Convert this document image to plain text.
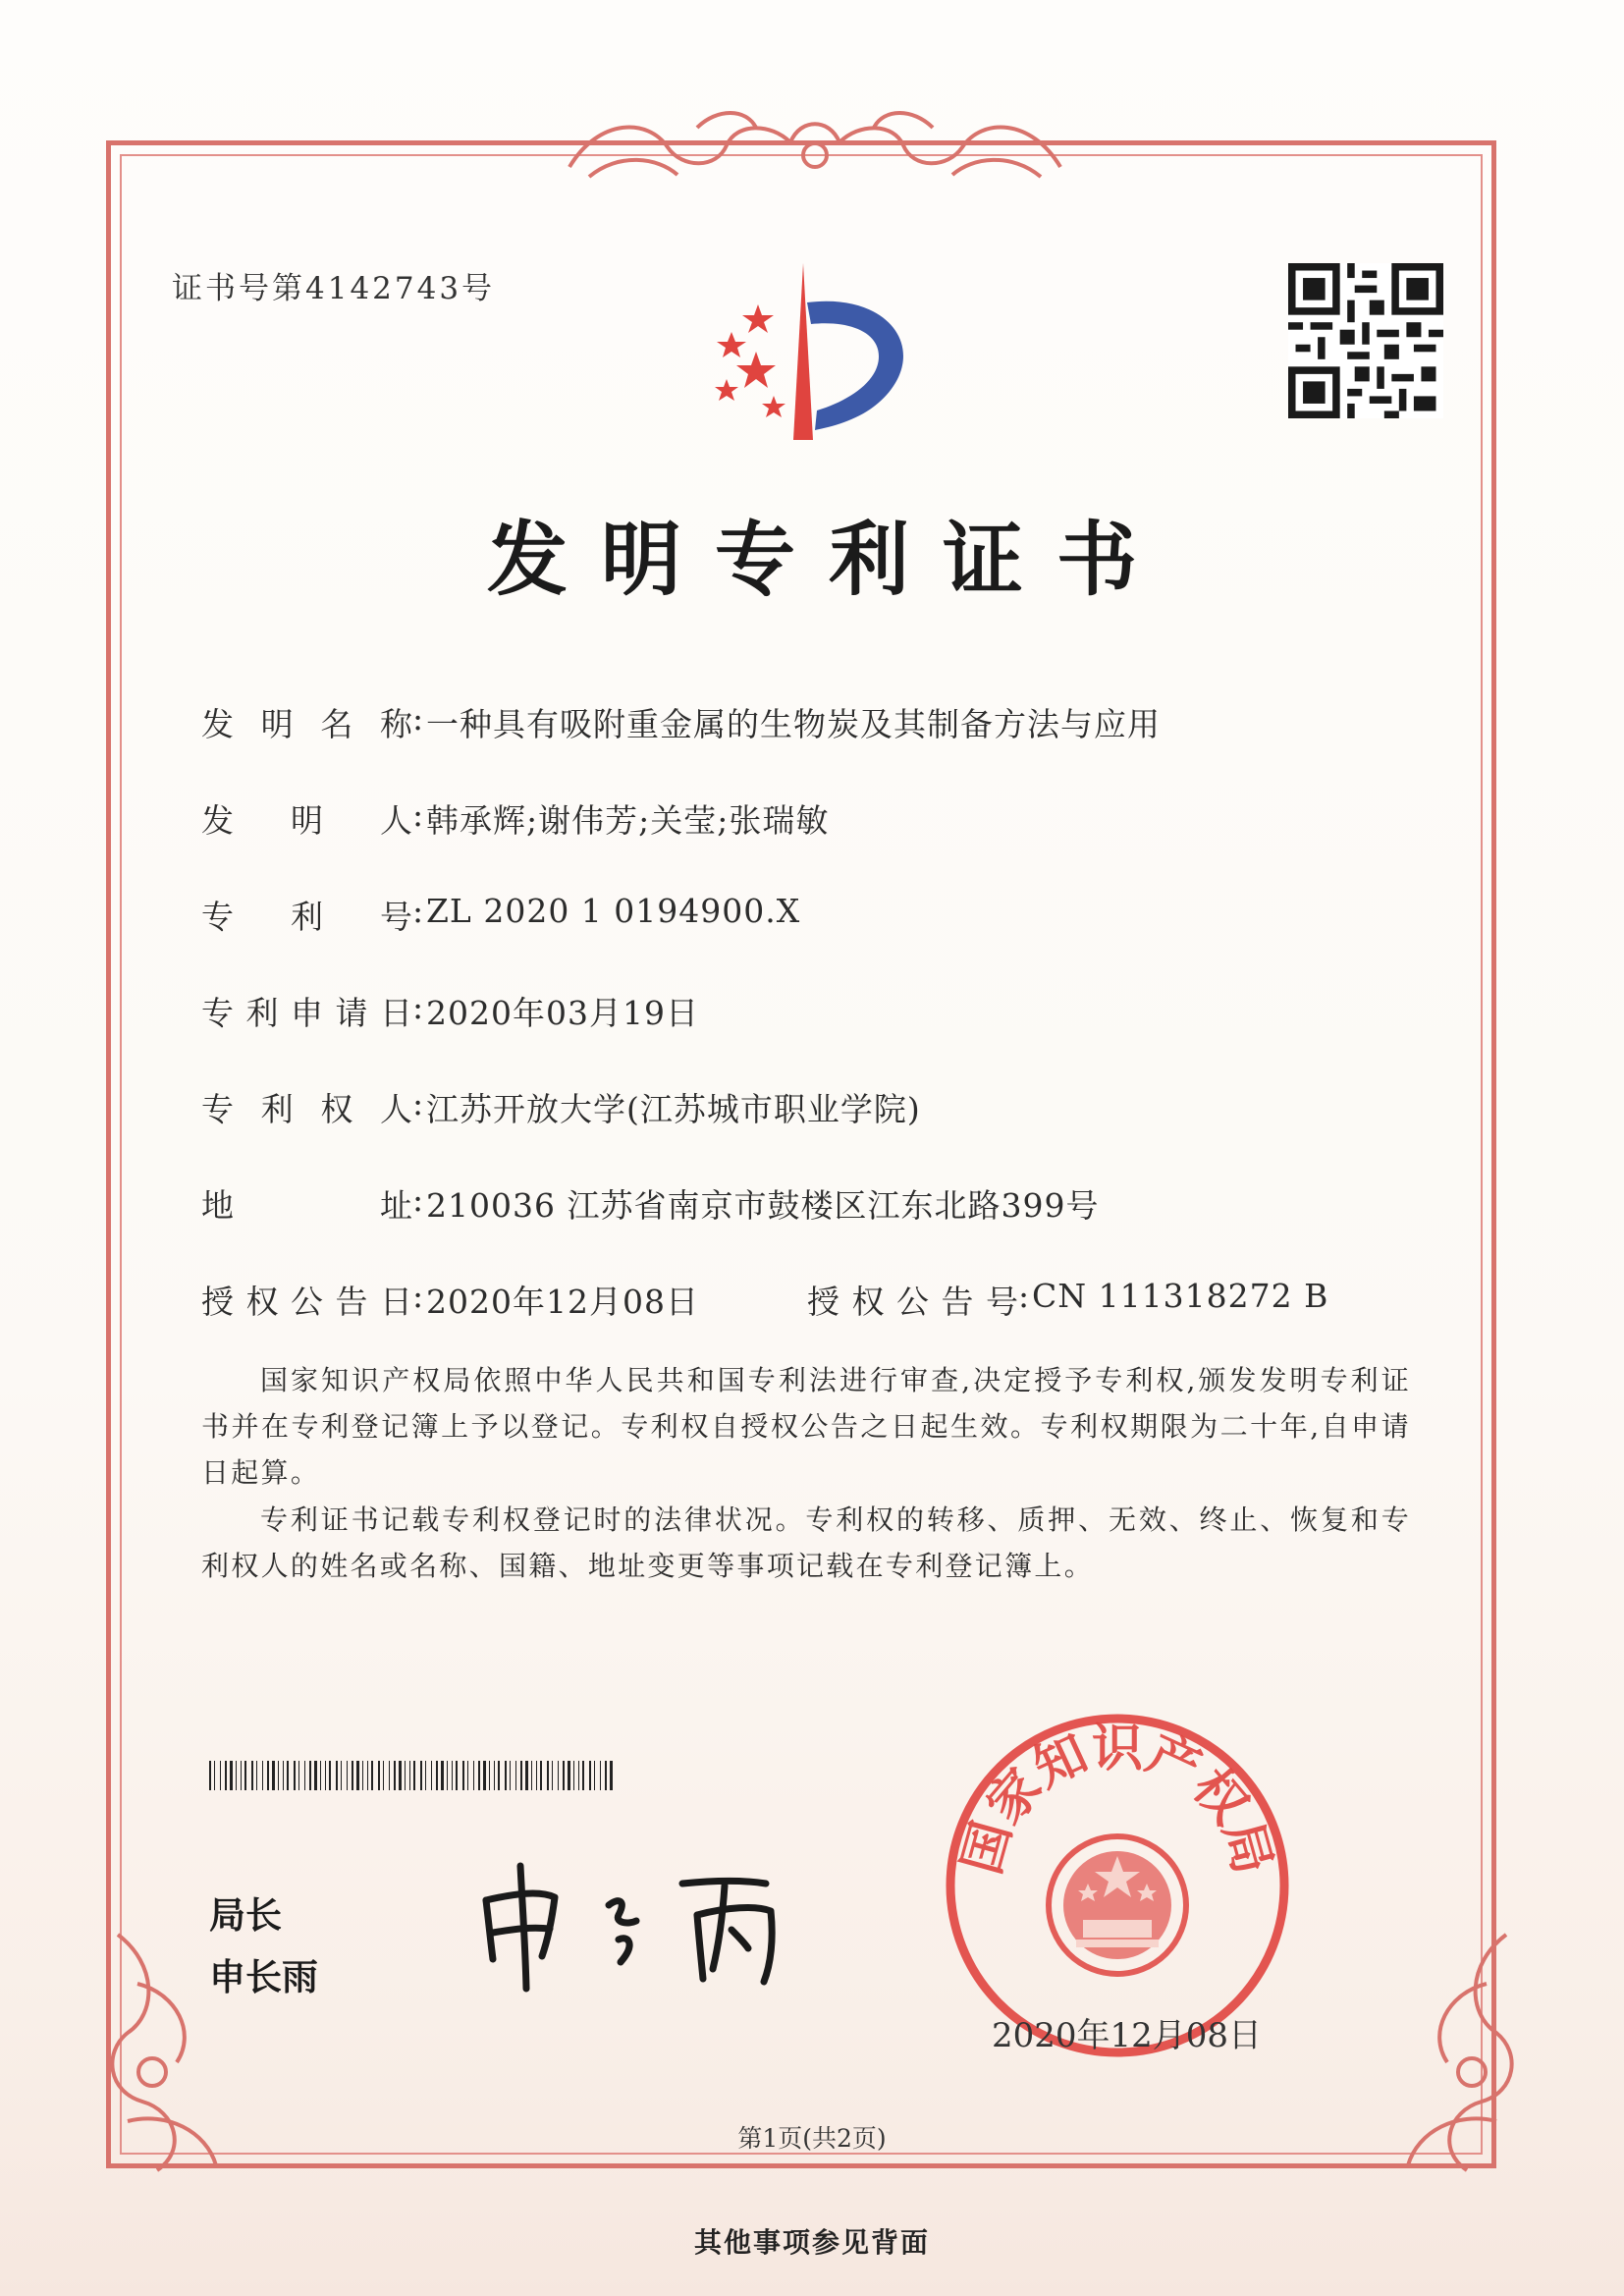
证书号第4142743号
发明专利证书
发明名称 : 一种具有吸附重金属的生物炭及其制备方法与应用
发明人 : 韩承辉;谢伟芳;关莹;张瑞敏
专利号 : ZL 2020 1 0194900.X
专利申请日 : 2020年03月19日
专利权人 : 江苏开放大学(江苏城市职业学院)
地址 : 210036 江苏省南京市鼓楼区江东北路399号
授权公告日 : 2020年12月08日	授权公告号 : CN 111318272 B
国家知识产权局依照中华人民共和国专利法进行审查,决定授予专利权,颁发发明专利证书并在专利登记簿上予以登记。专利权自授权公告之日起生效。专利权期限为二十年,自申请日起算。
专利证书记载专利权登记时的法律状况。专利权的转移、质押、无效、终止、恢复和专利权人的姓名或名称、国籍、地址变更等事项记载在专利登记簿上。
局长
申长雨
国家知识产权局
2020年12月08日
第1页(共2页)
其他事项参见背面
